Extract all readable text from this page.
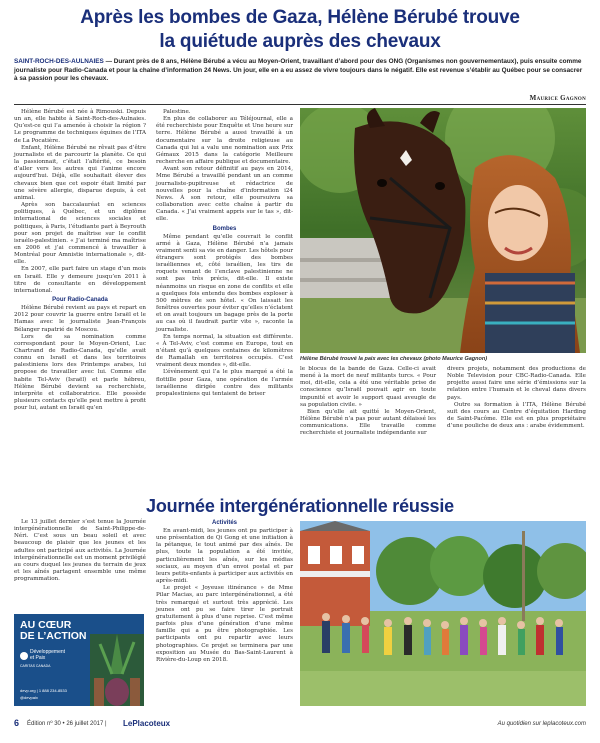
Après les bombes de Gaza, Hélène Bérubé trouve
la quiétude auprès des chevaux
SAINT-ROCH-DES-AULNAIES — Durant près de 8 ans, Hélène Bérubé a vécu au Moyen-Orient, travaillant d’abord pour des ONG (Organismes non gouvernementaux), puis ensuite comme journaliste pour Radio-Canada et pour la chaîne d’information 24 News. Un jour, elle en a eu assez de vivre toujours dans le négatif. Elle est revenue s’établir au Québec pour se consacrer à sa passion pour les chevaux.
Maurice Gagnon

Hélène Bérubé est née à Rimouski. Depuis un an, elle habite à Saint-Roch-des-Aulnaies. Qu’est-ce qui l’a amenée à choisir la région ? Le programme de techniques équines de l’ITA de La Pocatière.

Enfant, Hélène Bérubé ne rêvait pas d’être journaliste et de parcourir la planète. Ce qui la passionnait, c’était l’altérité, ce besoin d’aller vers les autres qui l’anime encore aujourd’hui. Déjà, elle souhaitait élever des chevaux bien que cet espoir était limité par une sévère allergie, disparue depuis, à cet animal.

Après son baccalauréat en sciences politiques, à Québec, et un diplôme international de sciences sociales et politiques, à Paris, l’étudiante part à Beyrouth pour son projet de maîtrise sur le conflit israélo-palestinien. « J’ai terminé ma maîtrise en 2006 et j’ai commencé à travailler à Montréal pour Amnistie internationale », dit-elle.

En 2007, elle part faire un stage d’un mois en Israël. Elle y demeure jusqu’en 2011 à titre de consultante en développement international.

Pour Radio-Canada

Hélène Bérubé revient au pays et repart en 2012 pour couvrir la guerre entre Israël et le Hamas avec le journaliste Jean-François Bélanger rapatrié de Moscou.

Lors de sa nomination comme correspondant pour le Moyen-Orient, Luc Chartrand de Radio-Canada, qu’elle avait connu en Israël et dans les territoires palestiniens lors des Printemps arabes, lui propose de travailler avec lui. Comme elle habite Tel-Aviv (Israël) et parle hébreu, Hélène Bérubé devient sa recherchiste, interprète et collaboratrice. Elle possède plusieurs contacts qu’elle peut mettre à profit pour lui, autant en Israël qu’en

Palestine.

En plus de collaborer au Téléjournal, elle a été recherchiste pour Enquête et Une heure sur terre. Hélène Bérubé a aussi travaillé à un documentaire sur la droite religieuse au Canada qui lui a valu une nomination aux Prix Gémaux 2015 dans la catégorie Meilleure recherche en affaire publique et documentaire.

Avant son retour définitif au pays en 2014, Mme Bérubé a travaillé pendant un an comme journaliste-pupitreuse et rédactrice de nouvelles pour la chaîne d’information i24 News. À son retour, elle poursuivra sa collaboration avec cette chaîne à partir du Canada. « J’ai vraiment appris sur le tas », dit-elle.

Bombes

Même pendant qu’elle couvrait le conflit armé à Gaza, Hélène Bérubé n’a jamais vraiment senti sa vie en danger. Les hôtels pour étrangers sont protégés des bombes israéliennes et, côté israélien, les tirs de roquets venant de l’enclave palestinienne ne sont pas très précis, dit-elle. Il existe néanmoins un risque en zone de conflits et elle a quelques fois entendu des bombes exploser à 500 mètres de son hôtel. « On laissait les fenêtres ouvertes pour éviter qu’elles n’éclatent et on avait toujours un bagage près de la porte au cas où il faudrait partir vite », raconte la journaliste.

En temps normal, la situation est différente. « À Tel-Aviv, c’est comme en Europe, tout en n’étant qu’à quelques centaines de kilomètres de Ramallah en territoires occupés. C’est vraiment deux mondes », dit-elle.

L’événement qui l’a le plus marqué a été la flottille pour Gaza, une opération de l’armée israélienne dirigée contre des militants propalestiniens qui tentaient de briser

Hélène Bérubé trouvé la paix avec les chevaux (photo Maurice Gagnon)

le blocus de la bande de Gaza. Celle-ci avait mené à la mort de neuf militants turcs. « Pour moi, dit-elle, cela a été une véritable prise de conscience qu’Israël pouvait agir en toute impunité et avoir le support quasi aveugle de sa population civile. »

Bien qu’elle ait quitté le Moyen-Orient, Hélène Bérubé n’a pas pour autant délaissé les communications. Elle travaille comme recherchiste et journaliste indépendante sur

divers projets, notamment des productions de Noble Television pour CBC-Radio-Canada. Elle projette aussi faire une série d’émissions sur la relation entre l’humain et le cheval dans divers pays.

Outre sa formation à l’ITA, Hélène Bérubé suit des cours au Centre d’équitation Harding de Saint-Pacôme. Elle est en plus propriétaire d’une pouliche de deux ans : arabe évidemment.

Journée intergénérationnelle réussie

Le 13 juillet dernier s’est tenue la Journée intergénérationnelle de Saint-Philippe-de-Néri. C’est sous un beau soleil et avec beaucoup de plaisir que les jeunes et les adultes ont participé aux activités. La Journée intergénérationnelle est un moment privilégié au cours duquel les jeunes du terrain de jeux et les aînés partagent ensemble une même programmation.

AU CŒUR
DE L’ACTION
Développement
et Paix
CARITAS CANADA
devp.org | 1 888 234-8533
@devpaix
Activités

En avant-midi, les jeunes ont pu participer à une présentation de Qi Gong et une initiation à la pétanque, le tout animé par des aînés. De plus, toute la population a été invitée, particulièrement les aînés, sur les médias sociaux, au moyen d’un envoi postal et par leurs petits-enfants à participer aux activités en après-midi.

Le projet « Joyeuse itinérance » de Mme Pilar Macias, au parc intergénérationnel, a été très remarqué et surtout très apprécié. Les jeunes ont pu se faire tirer le portrait gratuitement à plus d’une reprise. C’est même parfois plus d’une génération d’une même famille qui a pu être photographiée. Les participants ont pu repartir avec leurs photographies. Ce projet se terminera par une exposition au Musée du Bas-Saint-Laurent à Rivière-du-Loup en 2018.

6 Édition nº 30 • 26 juillet 2017 | LePlacoteux	Au quotidien sur leplacoteux.com
